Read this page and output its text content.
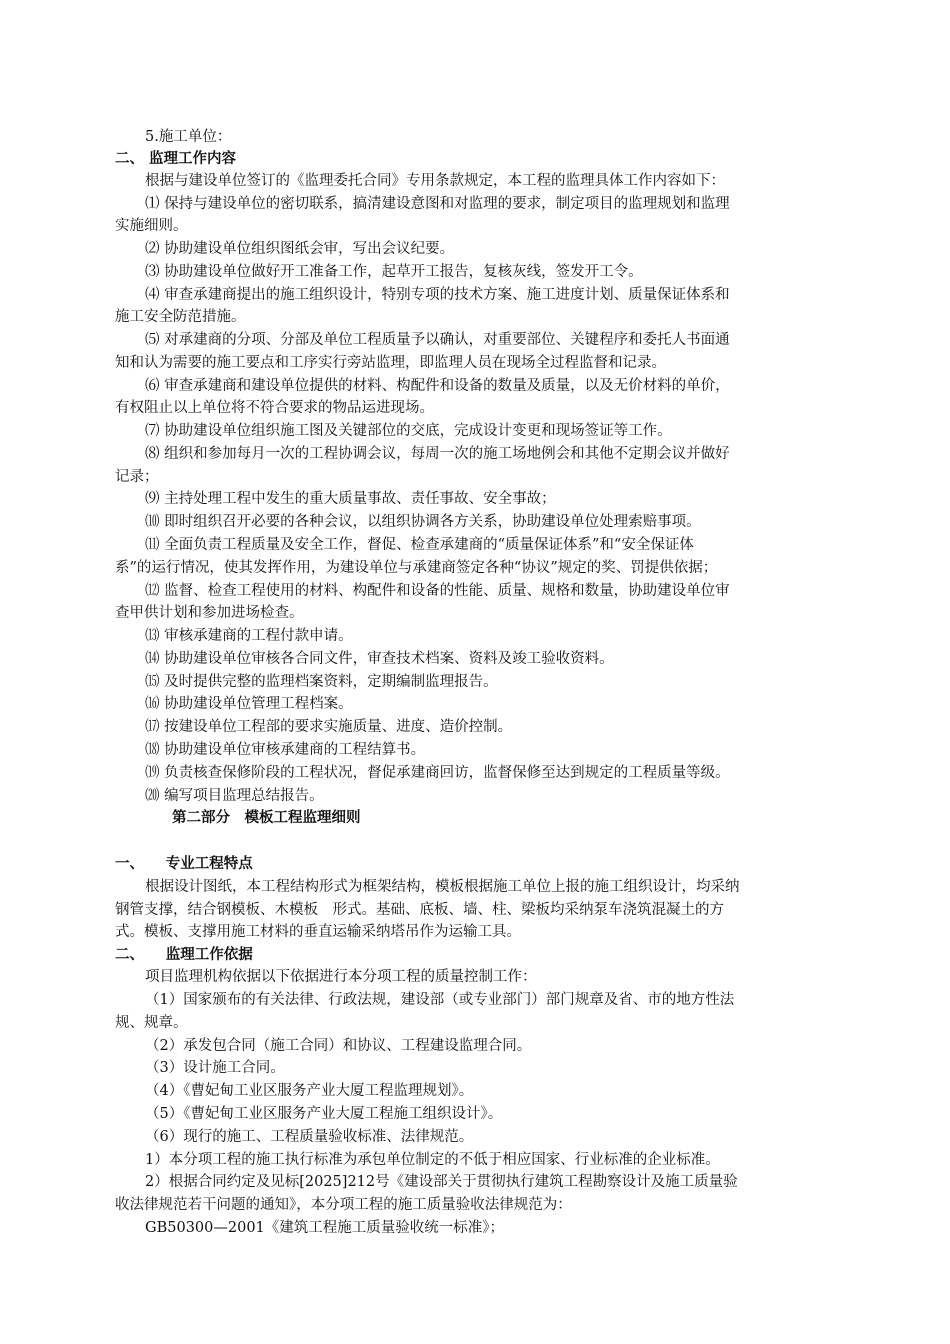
5.施工单位：
二、 监理工作内容
根据与建设单位签订的《监理委托合同》专用条款规定，本工程的监理具体工作内容如下：
⑴ 保持与建设单位的密切联系，搞清建设意图和对监理的要求，制定项目的监理规划和监理
实施细则。
⑵ 协助建设单位组织图纸会审，写出会议纪要。
⑶ 协助建设单位做好开工准备工作，起草开工报告，复核灰线，签发开工令。
⑷ 审查承建商提出的施工组织设计，特别专项的技术方案、施工进度计划、质量保证体系和
施工安全防范措施。
⑸ 对承建商的分项、分部及单位工程质量予以确认，对重要部位、关键程序和委托人书面通
知和认为需要的施工要点和工序实行旁站监理，即监理人员在现场全过程监督和记录。
⑹ 审查承建商和建设单位提供的材料、构配件和设备的数量及质量，以及无价材料的单价，
有权阻止以上单位将不符合要求的物品运进现场。
⑺ 协助建设单位组织施工图及关键部位的交底，完成设计变更和现场签证等工作。
⑻ 组织和参加每月一次的工程协调会议，每周一次的施工场地例会和其他不定期会议并做好
记录；
⑼ 主持处理工程中发生的重大质量事故、责任事故、安全事故；
⑽ 即时组织召开必要的各种会议，以组织协调各方关系，协助建设单位处理索赔事项。
⑾ 全面负责工程质量及安全工作，督促、检查承建商的“质量保证体系”和“安全保证体
系”的运行情况，使其发挥作用，为建设单位与承建商签定各种“协议”规定的奖、罚提供依据；
⑿ 监督、检查工程使用的材料、构配件和设备的性能、质量、规格和数量，协助建设单位审
查甲供计划和参加进场检查。
⒀ 审核承建商的工程付款申请。
⒁ 协助建设单位审核各合同文件，审查技术档案、资料及竣工验收资料。
⒂ 及时提供完整的监理档案资料，定期编制监理报告。
⒃ 协助建设单位管理工程档案。
⒄ 按建设单位工程部的要求实施质量、进度、造价控制。
⒅ 协助建设单位审核承建商的工程结算书。
⒆ 负责核查保修阶段的工程状况，督促承建商回访，监督保修至达到规定的工程质量等级。
⒇ 编写项目监理总结报告。
第二部分　模板工程监理细则
一、　　专业工程特点
根据设计图纸，本工程结构形式为框架结构，模板根据施工单位上报的施工组织设计，均采纳
钢管支撑，结合钢模板、木模板　形式。基础、底板、墙、柱、梁板均采纳泵车浇筑混凝土的方
式。模板、支撑用施工材料的垂直运输采纳塔吊作为运输工具。
二、　　监理工作依据
项目监理机构依据以下依据进行本分项工程的质量控制工作：
（1）国家颁布的有关法律、行政法规，建设部（或专业部门）部门规章及省、市的地方性法
规、规章。
（2）承发包合同（施工合同）和协议、工程建设监理合同。
（3）设计施工合同。
（4）《曹妃甸工业区服务产业大厦工程监理规划》。
（5）《曹妃甸工业区服务产业大厦工程施工组织设计》。
（6）现行的施工、工程质量验收标准、法律规范。
1）本分项工程的施工执行标准为承包单位制定的不低于相应国家、行业标准的企业标准。
2）根据合同约定及见标[2025]212号《建设部关于贯彻执行建筑工程勘察设计及施工质量验
收法律规范若干问题的通知》，本分项工程的施工质量验收法律规范为：
GB50300—2001《建筑工程施工质量验收统一标准》；
